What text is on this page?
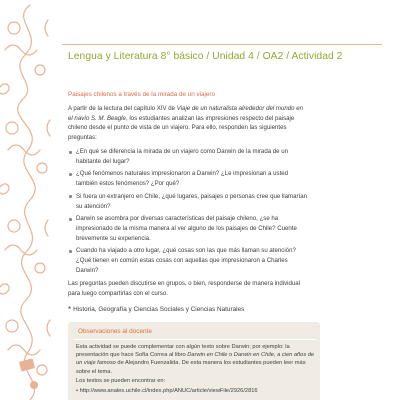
Lengua y Literatura 8° básico / Unidad 4 / OA2 / Actividad 2
Paisajes chilenos a través de la mirada de un viajero
A partir de la lectura del capítulo XIV de Viaje de un naturalista alrededor del mundo en el navío S. M. Beagle, los estudiantes analizan las impresiones respecto del paisaje chileno desde el punto de vista de un viajero. Para ello, responden las siguientes preguntas:
¿En qué se diferencia la mirada de un viajero como Darwin de la mirada de un habitante del lugar?
¿Qué fenómenos naturales impresionaron a Darwin? ¿Le impresionan a usted también estos fenómenos? ¿Por qué?
Si fuera un extranjero en Chile, ¿qué lugares, paisajes o personas cree que llamarían su atención?
Darwin se asombra por diversas características del paisaje chileno, ¿se ha impresionado de la misma manera al ver alguno de los paisajes de Chile? Cuente brevemente su experiencia.
Cuando ha viajado a otro lugar, ¿qué cosas son las que más llaman su atención? ¿Qué tienen en común estas cosas con aquellas que impresionaron a Charles Darwin?
Las preguntas pueden discutirse en grupos, o bien, responderse de manera individual para luego compartirlas con el curso.
* Historia, Geografía y Ciencias Sociales y Ciencias Naturales
Observaciones al docente
Esta actividad se puede complementar con algún texto sobre Darwin; por ejemplo: la presentación que hace Sofía Correa al libro Darwin en Chile o Darwin en Chile, a cien años de un viaje famoso de Alejandro Fuenzalida. De esta manera los estudiantes pueden leer más sobre el tema.
Los textos se pueden encontrar en:
• http://www.anales.uchile.cl/index.php/ANUC/article/viewFile/2926/2816
